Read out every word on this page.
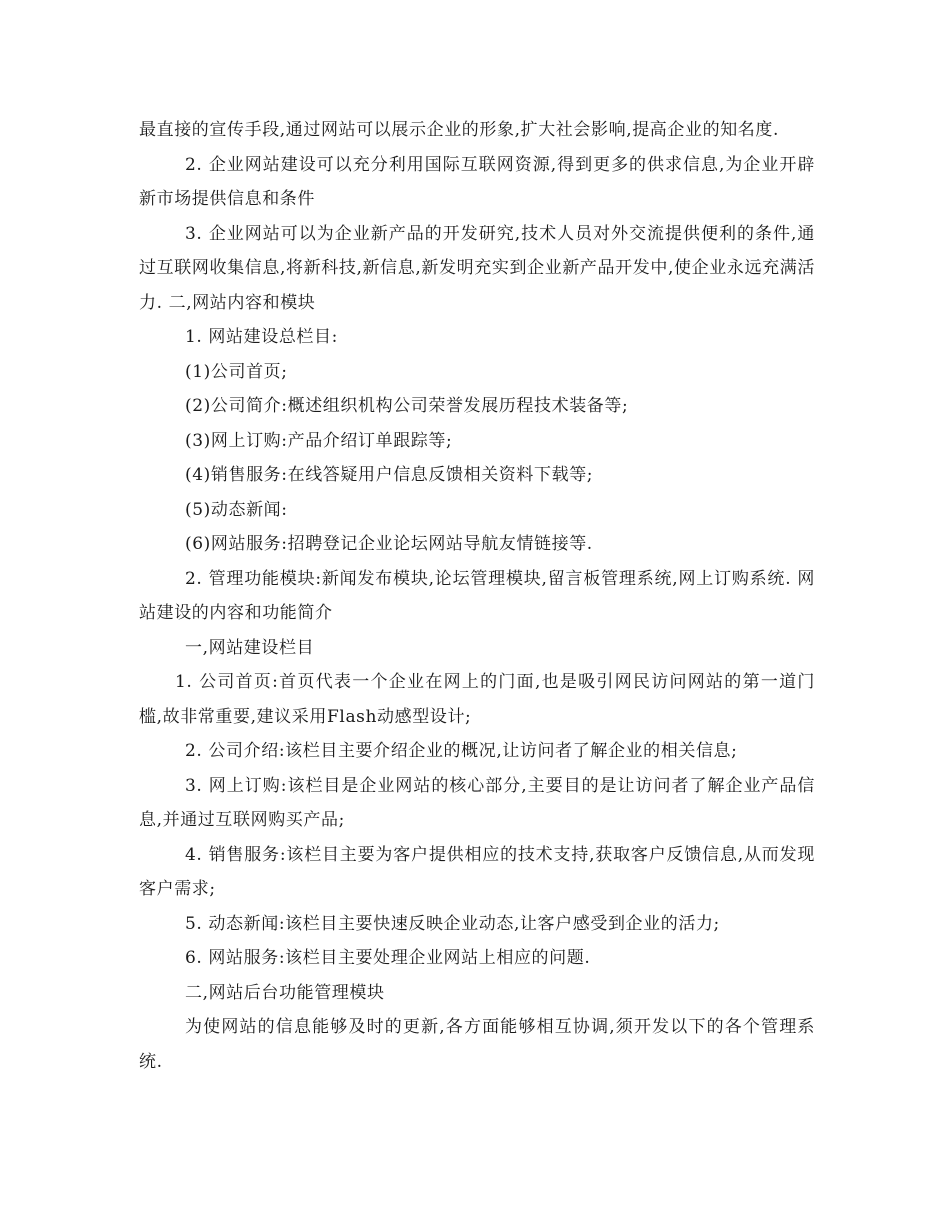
最直接的宣传手段,通过网站可以展示企业的形象,扩大社会影响,提高企业的知名度.

2. 企业网站建设可以充分利用国际互联网资源,得到更多的供求信息,为企业开辟新市场提供信息和条件

3. 企业网站可以为企业新产品的开发研究,技术人员对外交流提供便利的条件,通过互联网收集信息,将新科技,新信息,新发明充实到企业新产品开发中,使企业永远充满活力. 二,网站内容和模块

1. 网站建设总栏目:

(1)公司首页;

(2)公司简介:概述组织机构公司荣誉发展历程技术装备等;

(3)网上订购:产品介绍订单跟踪等;

(4)销售服务:在线答疑用户信息反馈相关资料下载等;

(5)动态新闻:

(6)网站服务:招聘登记企业论坛网站导航友情链接等.

2. 管理功能模块:新闻发布模块,论坛管理模块,留言板管理系统,网上订购系统. 网站建设的内容和功能简介

一,网站建设栏目

1. 公司首页:首页代表一个企业在网上的门面,也是吸引网民访问网站的第一道门槛,故非常重要,建议采用Flash动感型设计;

2. 公司介绍:该栏目主要介绍企业的概况,让访问者了解企业的相关信息;

3. 网上订购:该栏目是企业网站的核心部分,主要目的是让访问者了解企业产品信息,并通过互联网购买产品;

4. 销售服务:该栏目主要为客户提供相应的技术支持,获取客户反馈信息,从而发现客户需求;

5. 动态新闻:该栏目主要快速反映企业动态,让客户感受到企业的活力;

6. 网站服务:该栏目主要处理企业网站上相应的问题.

二,网站后台功能管理模块

为使网站的信息能够及时的更新,各方面能够相互协调,须开发以下的各个管理系统.
